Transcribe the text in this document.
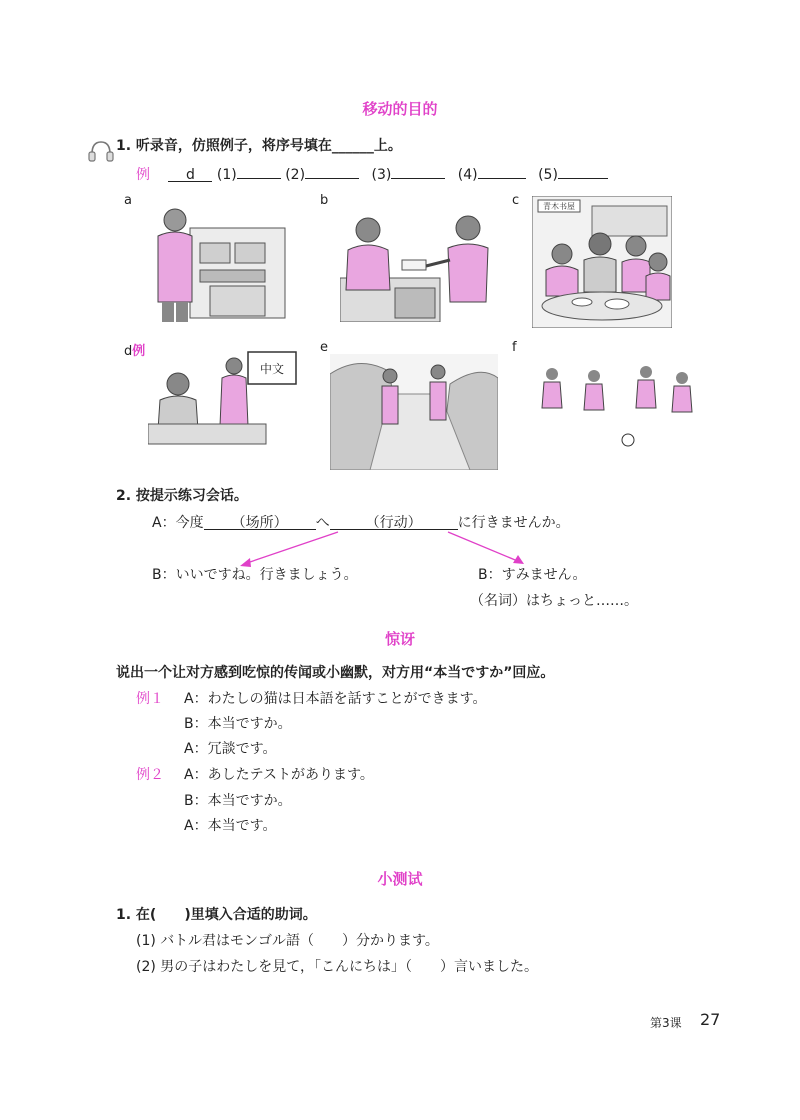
移动的目的
1. 听录音，仿照例子，将序号填在______上。
例	d (1)	(2)	(3)	(4)	(5)
a	b	c
d例	e	f
青木书屋
中文
2. 按提示练习会话。
A：今度 （场所） へ	（行动）	に行きませんか。
B：いいですね。行きましょう。	B：すみません。
（名词）はちょっと……。
惊讶
说出一个让对方感到吃惊的传闻或小幽默，对方用“本当ですか”回应。
例１ A：わたしの猫は日本語を話すことができます。
B：本当ですか。
A：冗談です。
例２ A：あしたテストがあります。
B：本当ですか。
A：本当です。
小测试
1. 在(　　)里填入合适的助词。
(1) バトル君はモンゴル語（　　）分かります。
(2) 男の子はわたしを見て，「こんにちは」（　　）言いました。
第3课 27
